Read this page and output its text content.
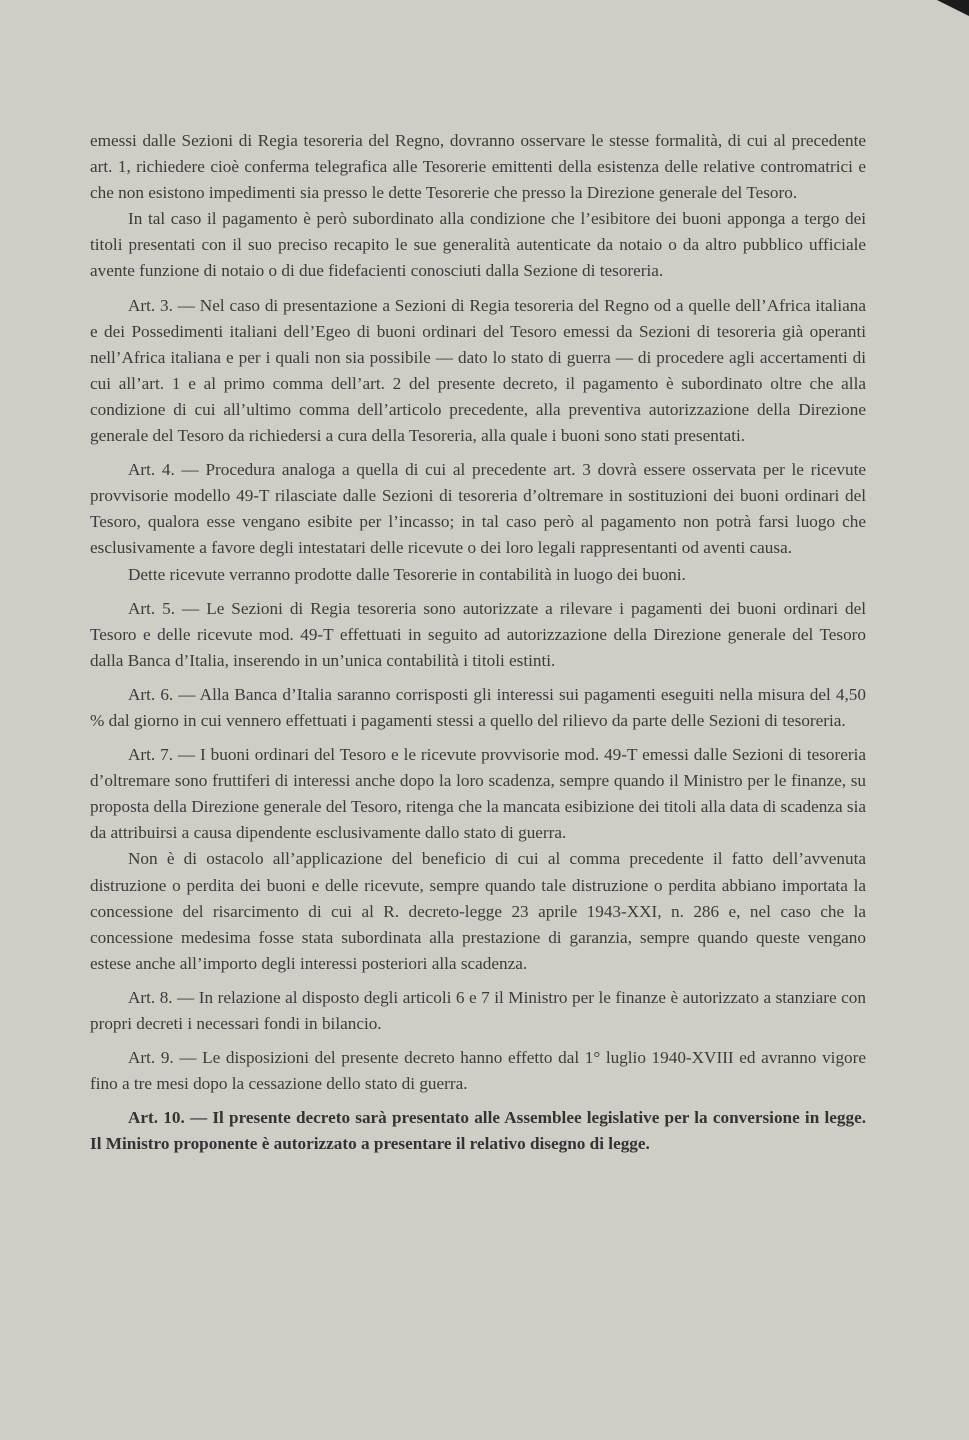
emessi dalle Sezioni di Regia tesoreria del Regno, dovranno osservare le stesse formalità, di cui al precedente art. 1, richiedere cioè conferma telegrafica alle Tesorerie emittenti della esistenza delle relative contromatrici e che non esistono impedimenti sia presso le dette Tesorerie che presso la Direzione generale del Tesoro.

In tal caso il pagamento è però subordinato alla condizione che l’esibitore dei buoni apponga a tergo dei titoli presentati con il suo preciso recapito le sue generalità autenticate da notaio o da altro pubblico ufficiale avente funzione di notaio o di due fidefacienti conosciuti dalla Sezione di tesoreria.

Art. 3. — Nel caso di presentazione a Sezioni di Regia tesoreria del Regno od a quelle dell’Africa italiana e dei Possedimenti italiani dell’Egeo di buoni ordinari del Tesoro emessi da Sezioni di tesoreria già operanti nell’Africa italiana e per i quali non sia possibile — dato lo stato di guerra — di procedere agli accertamenti di cui all’art. 1 e al primo comma dell’art. 2 del presente decreto, il pagamento è subordinato oltre che alla condizione di cui all’ultimo comma dell’articolo precedente, alla preventiva autorizzazione della Direzione generale del Tesoro da richiedersi a cura della Tesoreria, alla quale i buoni sono stati presentati.

Art. 4. — Procedura analoga a quella di cui al precedente art. 3 dovrà essere osservata per le ricevute provvisorie modello 49-T rilasciate dalle Sezioni di tesoreria d’oltremare in sostituzioni dei buoni ordinari del Tesoro, qualora esse vengano esibite per l’incasso; in tal caso però al pagamento non potrà farsi luogo che esclusivamente a favore degli intestatari delle ricevute o dei loro legali rappresentanti od aventi causa.

Dette ricevute verranno prodotte dalle Tesorerie in contabilità in luogo dei buoni.

Art. 5. — Le Sezioni di Regia tesoreria sono autorizzate a rilevare i pagamenti dei buoni ordinari del Tesoro e delle ricevute mod. 49-T effettuati in seguito ad autorizzazione della Direzione generale del Tesoro dalla Banca d’Italia, inserendo in un’unica contabilità i titoli estinti.

Art. 6. — Alla Banca d’Italia saranno corrisposti gli interessi sui pagamenti eseguiti nella misura del 4,50 % dal giorno in cui vennero effettuati i pagamenti stessi a quello del rilievo da parte delle Sezioni di tesoreria.

Art. 7. — I buoni ordinari del Tesoro e le ricevute provvisorie mod. 49-T emessi dalle Sezioni di tesoreria d’oltremare sono fruttiferi di interessi anche dopo la loro scadenza, sempre quando il Ministro per le finanze, su proposta della Direzione generale del Tesoro, ritenga che la mancata esibizione dei titoli alla data di scadenza sia da attribuirsi a causa dipendente esclusivamente dallo stato di guerra.

Non è di ostacolo all’applicazione del beneficio di cui al comma precedente il fatto dell’avvenuta distruzione o perdita dei buoni e delle ricevute, sempre quando tale distruzione o perdita abbiano importata la concessione del risarcimento di cui al R. decreto-legge 23 aprile 1943-XXI, n. 286 e, nel caso che la concessione medesima fosse stata subordinata alla prestazione di garanzia, sempre quando queste vengano estese anche all’importo degli interessi posteriori alla scadenza.

Art. 8. — In relazione al disposto degli articoli 6 e 7 il Ministro per le finanze è autorizzato a stanziare con propri decreti i necessari fondi in bilancio.

Art. 9. — Le disposizioni del presente decreto hanno effetto dal 1° luglio 1940-XVIII ed avranno vigore fino a tre mesi dopo la cessazione dello stato di guerra.

Art. 10. — Il presente decreto sarà presentato alle Assemblee legislative per la conversione in legge. Il Ministro proponente è autorizzato a presentare il relativo disegno di legge.
